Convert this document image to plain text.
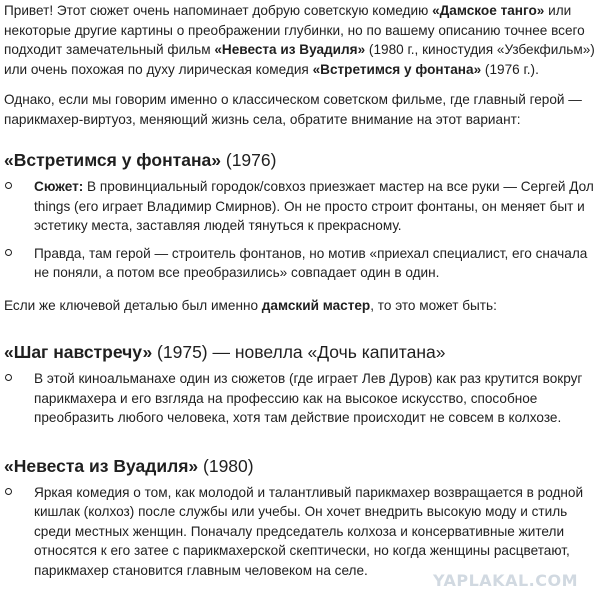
Привет! Этот сюжет очень напоминает добрую советскую комедию «Дамское танго» или некоторые другие картины о преображении глубинки, но по вашему описанию точнее всего подходит замечательный фильм «Невеста из Вуадиля» (1980 г., киностудия «Узбекфильм») или очень похожая по духу лирическая комедия «Встретимся у фонтана» (1976 г.).

Однако, если мы говорим именно о классическом советском фильме, где главный герой — парикмахер-виртуоз, меняющий жизнь села, обратите внимание на этот вариант:

«Встретимся у фонтана» (1976)
Сюжет: В провинциальный городок/совхоз приезжает мастер на все руки — Сергей Дол things (его играет Владимир Смирнов). Он не просто строит фонтаны, он меняет быт и эстетику места, заставляя людей тянуться к прекрасному.
Правда, там герой — строитель фонтанов, но мотив «приехал специалист, его сначала не поняли, а потом все преобразились» совпадает один в один.

Если же ключевой деталью был именно дамский мастер, то это может быть:

«Шаг навстречу» (1975) — новелла «Дочь капитана»
В этой киноальманахе один из сюжетов (где играет Лев Дуров) как раз крутится вокруг парикмахера и его взгляда на профессию как на высокое искусство, способное преобразить любого человека, хотя там действие происходит не совсем в колхозе.
«Невеста из Вуадиля» (1980)
Яркая комедия о том, как молодой и талантливый парикмахер возвращается в родной кишлак (колхоз) после службы или учебы. Он хочет внедрить высокую моду и стиль среди местных женщин. Поначалу председатель колхоза и консервативные жители относятся к его затее с парикмахерской скептически, но когда женщины расцветают, парикмахер становится главным человеком на селе.
YAPLAKAL.COM
